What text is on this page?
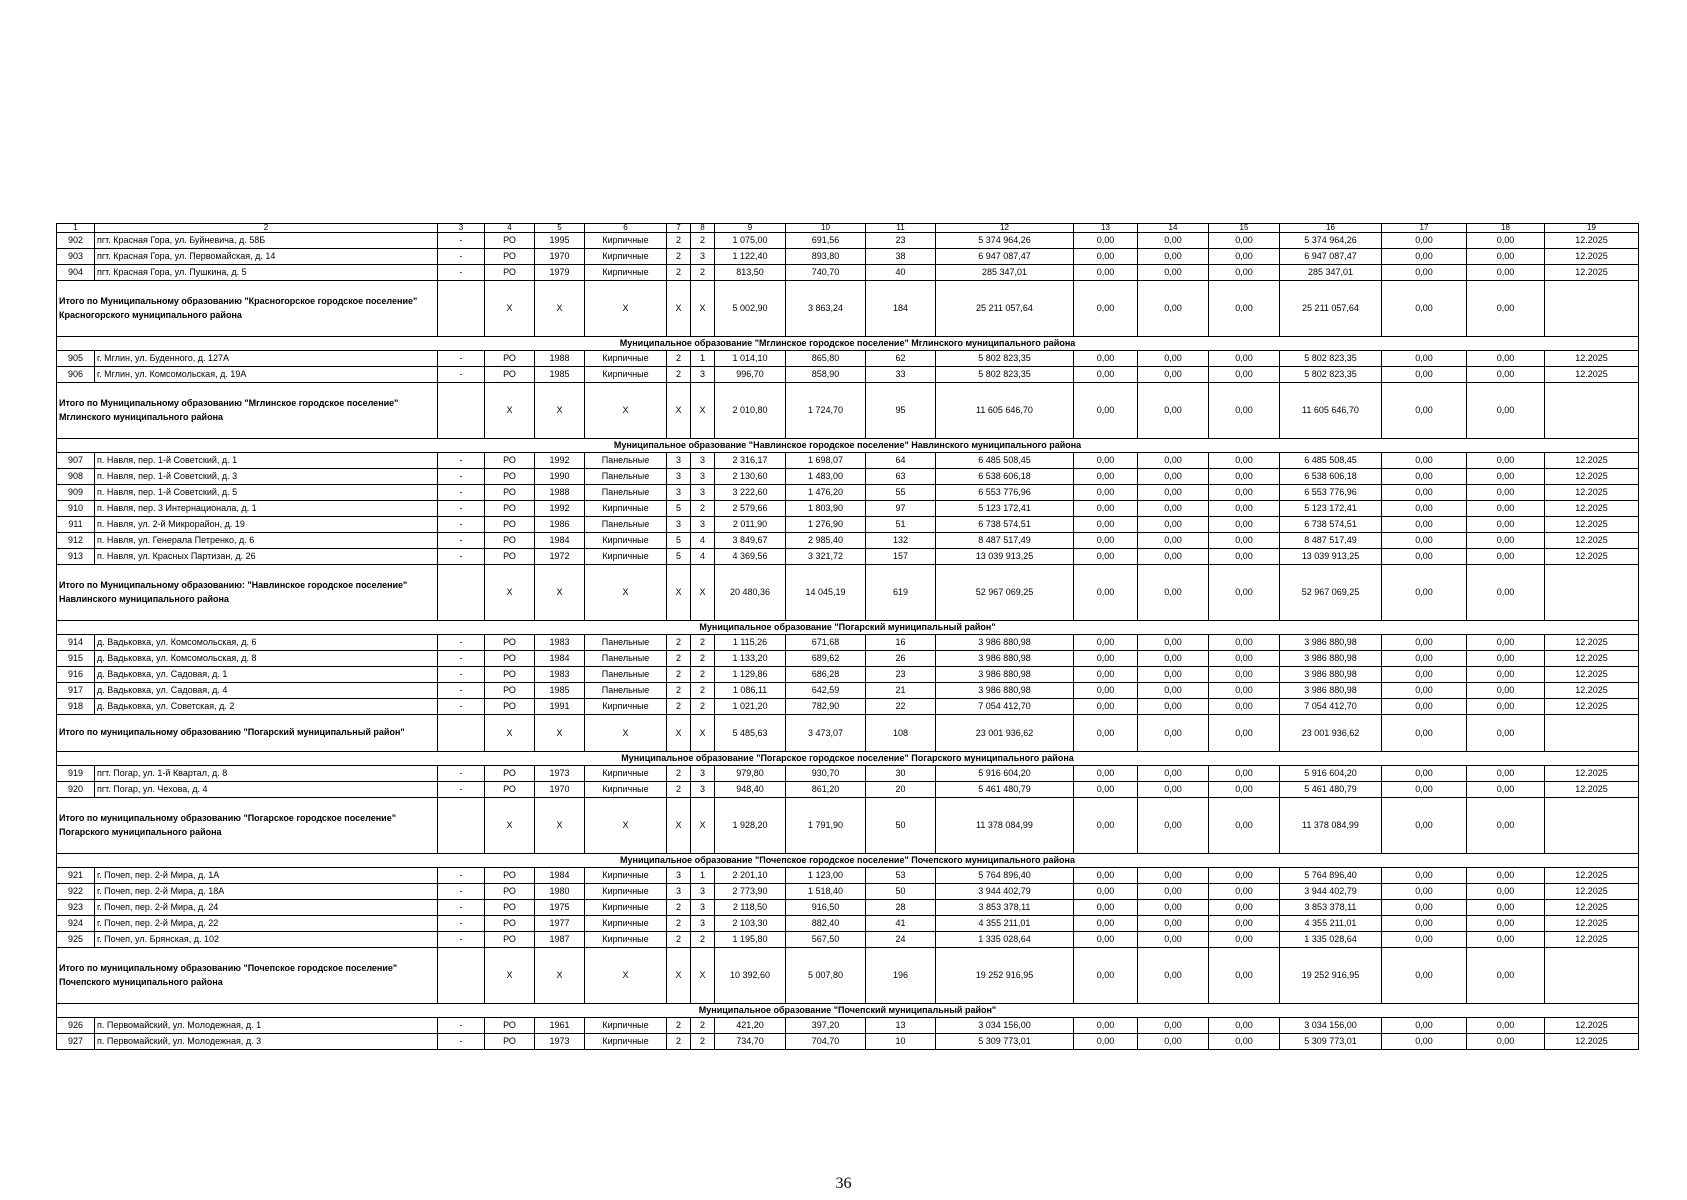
1	2	3	4	5	6	7	8	9	10	11	12	13	14	15	16	17	18	19
902	пгт. Красная Гора, ул. Буйневича, д. 58Б	-	РО	1995	Кирпичные	2	2	1 075,00	691,56	23	5 374 964,26	0,00	0,00	0,00	5 374 964,26	0,00	0,00	12.2025
903	пгт. Красная Гора, ул. Первомайская, д. 14	-	РО	1970	Кирпичные	2	3	1 122,40	893,80	38	6 947 087,47	0,00	0,00	0,00	6 947 087,47	0,00	0,00	12.2025
904	пгт. Красная Гора, ул. Пушкина, д. 5	-	РО	1979	Кирпичные	2	2	813,50	740,70	40	285 347,01	0,00	0,00	0,00	285 347,01	0,00	0,00	12.2025
Итого по Муниципальному образованию "Красногорское городское поселение" Красногорского муниципального района			X	X	X	X	X	5 002,90	3 863,24	184	25 211 057,64	0,00	0,00	0,00	25 211 057,64	0,00	0,00	
Муниципальное образование "Мглинское городское поселение" Мглинского муниципального района																		
905	г. Мглин, ул. Буденного, д. 127А	-	РО	1988	Кирпичные	2	1	1 014,10	865,80	62	5 802 823,35	0,00	0,00	0,00	5 802 823,35	0,00	0,00	12.2025
906	г. Мглин, ул. Комсомольская, д. 19А	-	РО	1985	Кирпичные	2	3	996,70	858,90	33	5 802 823,35	0,00	0,00	0,00	5 802 823,35	0,00	0,00	12.2025
Итого по Муниципальному образованию "Мглинское городское поселение" Мглинского муниципального района			X	X	X	X	X	2 010,80	1 724,70	95	11 605 646,70	0,00	0,00	0,00	11 605 646,70	0,00	0,00	
Муниципальное образование "Навлинское городское поселение" Навлинского муниципального района																		
907	п. Навля, пер. 1-й Советский, д. 1	-	РО	1992	Панельные	3	3	2 316,17	1 698,07	64	6 485 508,45	0,00	0,00	0,00	6 485 508,45	0,00	0,00	12.2025
908	п. Навля, пер. 1-й Советский, д. 3	-	РО	1990	Панельные	3	3	2 130,60	1 483,00	63	6 538 606,18	0,00	0,00	0,00	6 538 606,18	0,00	0,00	12.2025
909	п. Навля, пер. 1-й Советский, д. 5	-	РО	1988	Панельные	3	3	3 222,60	1 476,20	55	6 553 776,96	0,00	0,00	0,00	6 553 776,96	0,00	0,00	12.2025
910	п. Навля, пер. 3 Интернационала, д. 1	-	РО	1992	Кирпичные	5	2	2 579,66	1 803,90	97	5 123 172,41	0,00	0,00	0,00	5 123 172,41	0,00	0,00	12.2025
911	п. Навля, ул. 2-й Микрорайон, д. 19	-	РО	1986	Панельные	3	3	2 011,90	1 276,90	51	6 738 574,51	0,00	0,00	0,00	6 738 574,51	0,00	0,00	12.2025
912	п. Навля, ул. Генерала Петренко, д. 6	-	РО	1984	Кирпичные	5	4	3 849,67	2 985,40	132	8 487 517,49	0,00	0,00	0,00	8 487 517,49	0,00	0,00	12.2025
913	п. Навля, ул. Красных Партизан, д. 26	-	РО	1972	Кирпичные	5	4	4 369,56	3 321,72	157	13 039 913,25	0,00	0,00	0,00	13 039 913,25	0,00	0,00	12.2025
Итого по Муниципальному образованию: "Навлинское городское поселение" Навлинского муниципального района			X	X	X	X	X	20 480,36	14 045,19	619	52 967 069,25	0,00	0,00	0,00	52 967 069,25	0,00	0,00	
Муниципальное образование "Погарский муниципальный район"																		
914	д. Вадьковка, ул. Комсомольская, д. 6	-	РО	1983	Панельные	2	2	1 115,26	671,68	16	3 986 880,98	0,00	0,00	0,00	3 986 880,98	0,00	0,00	12.2025
915	д. Вадьковка, ул. Комсомольская, д. 8	-	РО	1984	Панельные	2	2	1 133,20	689,62	26	3 986 880,98	0,00	0,00	0,00	3 986 880,98	0,00	0,00	12.2025
916	д. Вадьковка, ул. Садовая, д. 1	-	РО	1983	Панельные	2	2	1 129,86	686,28	23	3 986 880,98	0,00	0,00	0,00	3 986 880,98	0,00	0,00	12.2025
917	д. Вадьковка, ул. Садовая, д. 4	-	РО	1985	Панельные	2	2	1 086,11	642,59	21	3 986 880,98	0,00	0,00	0,00	3 986 880,98	0,00	0,00	12.2025
918	д. Вадьковка, ул. Советская, д. 2	-	РО	1991	Кирпичные	2	2	1 021,20	782,90	22	7 054 412,70	0,00	0,00	0,00	7 054 412,70	0,00	0,00	12.2025
Итого по муниципальному образованию "Погарский муниципальный район"			X	X	X	X	X	5 485,63	3 473,07	108	23 001 936,62	0,00	0,00	0,00	23 001 936,62	0,00	0,00	
Муниципальное образование "Погарское городское поселение" Погарского муниципального района																		
919	пгт. Погар, ул. 1-й Квартал, д. 8	-	РО	1973	Кирпичные	2	3	979,80	930,70	30	5 916 604,20	0,00	0,00	0,00	5 916 604,20	0,00	0,00	12.2025
920	пгт. Погар, ул. Чехова, д. 4	-	РО	1970	Кирпичные	2	3	948,40	861,20	20	5 461 480,79	0,00	0,00	0,00	5 461 480,79	0,00	0,00	12.2025
Итого по муниципальному образованию "Погарское городское поселение" Погарского муниципального района			X	X	X	X	X	1 928,20	1 791,90	50	11 378 084,99	0,00	0,00	0,00	11 378 084,99	0,00	0,00	
Муниципальное образование "Почепское городское поселение" Почепского муниципального района																		
921	г. Почеп, пер. 2-й Мира, д. 1А	-	РО	1984	Кирпичные	3	1	2 201,10	1 123,00	53	5 764 896,40	0,00	0,00	0,00	5 764 896,40	0,00	0,00	12.2025
922	г. Почеп, пер. 2-й Мира, д. 18А	-	РО	1980	Кирпичные	3	3	2 773,90	1 518,40	50	3 944 402,79	0,00	0,00	0,00	3 944 402,79	0,00	0,00	12.2025
923	г. Почеп, пер. 2-й Мира, д. 24	-	РО	1975	Кирпичные	2	3	2 118,50	916,50	28	3 853 378,11	0,00	0,00	0,00	3 853 378,11	0,00	0,00	12.2025
924	г. Почеп, пер. 2-й Мира, д. 22	-	РО	1977	Кирпичные	2	3	2 103,30	882,40	41	4 355 211,01	0,00	0,00	0,00	4 355 211,01	0,00	0,00	12.2025
925	г. Почеп, ул. Брянская, д. 102	-	РО	1987	Кирпичные	2	2	1 195,80	567,50	24	1 335 028,64	0,00	0,00	0,00	1 335 028,64	0,00	0,00	12.2025
Итого по муниципальному образованию "Почепское городское поселение" Почепского муниципального района			X	X	X	X	X	10 392,60	5 007,80	196	19 252 916,95	0,00	0,00	0,00	19 252 916,95	0,00	0,00	
Муниципальное образование "Почепский муниципальный район"																		
926	п. Первомайский, ул. Молодежная, д. 1	-	РО	1961	Кирпичные	2	2	421,20	397,20	13	3 034 156,00	0,00	0,00	0,00	3 034 156,00	0,00	0,00	12.2025
927	п. Первомайский, ул. Молодежная, д. 3	-	РО	1973	Кирпичные	2	2	734,70	704,70	10	5 309 773,01	0,00	0,00	0,00	5 309 773,01	0,00	0,00	12.2025
36
